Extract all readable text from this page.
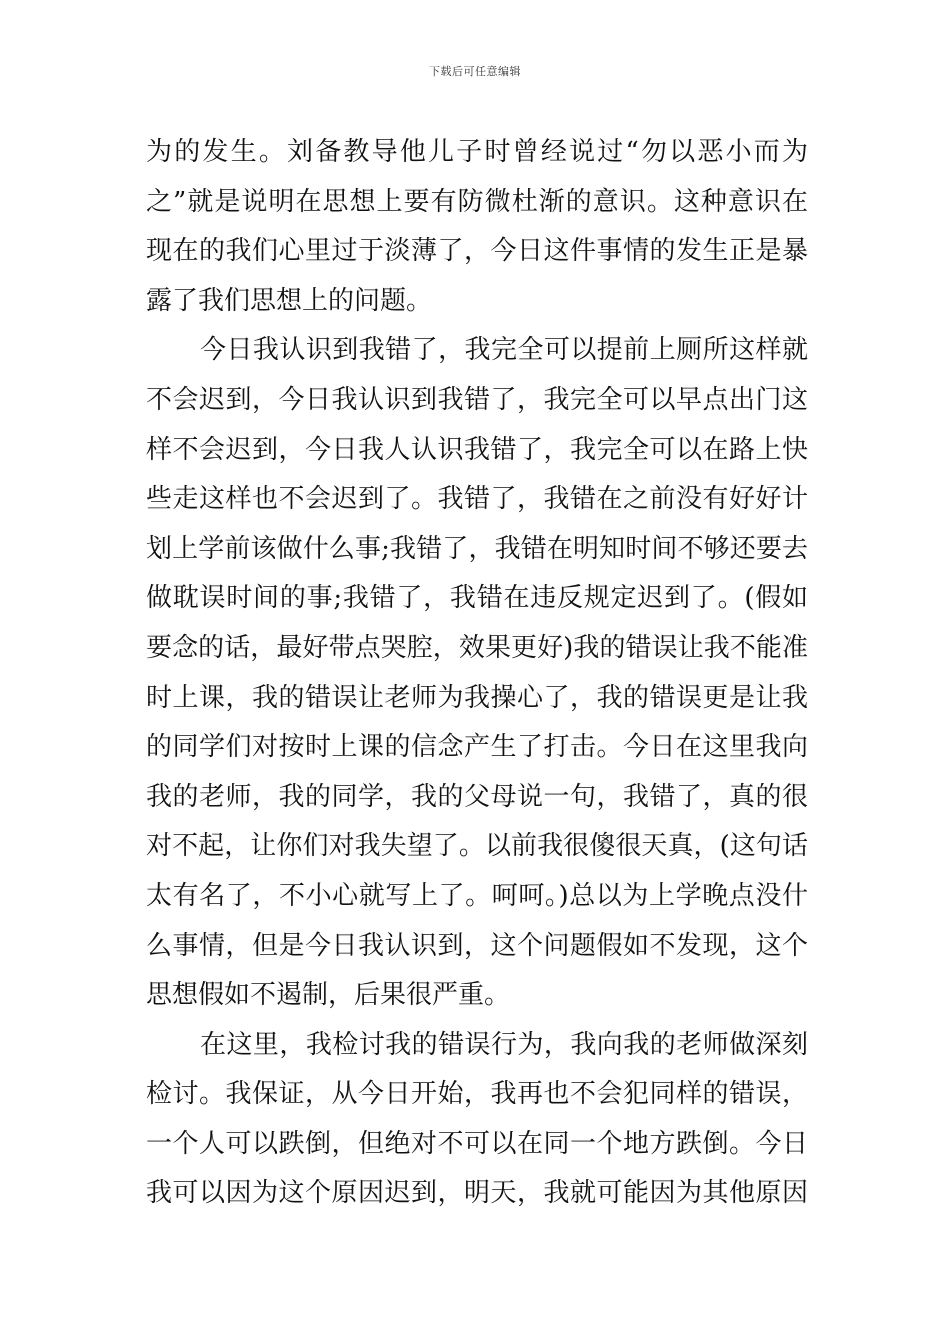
下载后可任意编辑

为的发生。刘备教导他儿子时曾经说过“勿以恶小而为

之”就是说明在思想上要有防微杜渐的意识。这种意识在

现在的我们心里过于淡薄了，今日这件事情的发生正是暴

露了我们思想上的问题。

今日我认识到我错了，我完全可以提前上厕所这样就

不会迟到，今日我认识到我错了，我完全可以早点出门这

样不会迟到，今日我人认识我错了，我完全可以在路上快

些走这样也不会迟到了。我错了，我错在之前没有好好计

划上学前该做什么事;我错了，我错在明知时间不够还要去

做耽误时间的事;我错了，我错在违反规定迟到了。(假如

要念的话，最好带点哭腔，效果更好)我的错误让我不能准

时上课，我的错误让老师为我操心了，我的错误更是让我

的同学们对按时上课的信念产生了打击。今日在这里我向

我的老师，我的同学，我的父母说一句，我错了，真的很

对不起，让你们对我失望了。以前我很傻很天真，(这句话

太有名了，不小心就写上了。呵呵。)总以为上学晚点没什

么事情，但是今日我认识到，这个问题假如不发现，这个

思想假如不遏制，后果很严重。

在这里，我检讨我的错误行为，我向我的老师做深刻

检讨。我保证，从今日开始，我再也不会犯同样的错误，

一个人可以跌倒，但绝对不可以在同一个地方跌倒。今日

我可以因为这个原因迟到，明天，我就可能因为其他原因
